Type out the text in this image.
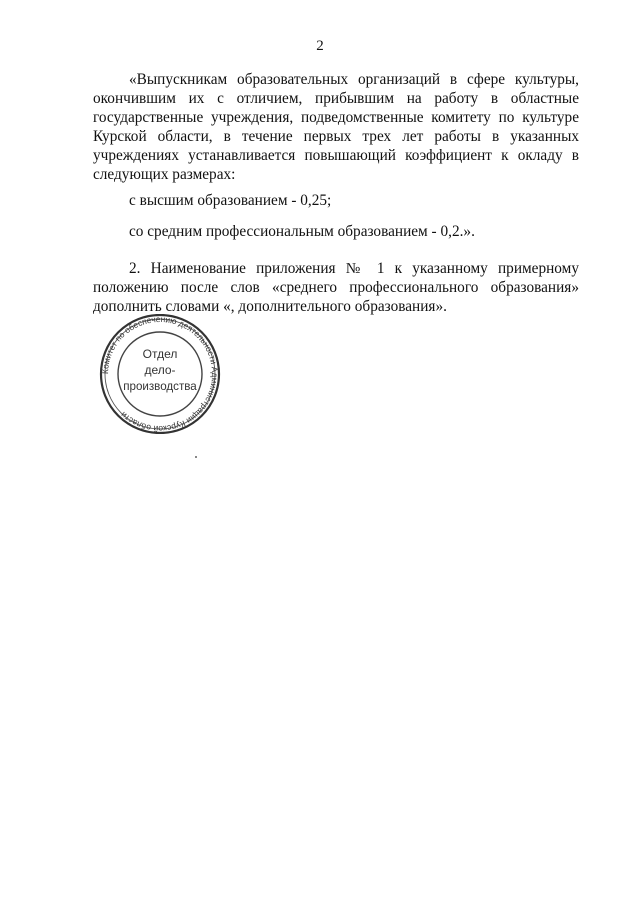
2

«Выпускникам образовательных организаций в сфере культуры, окончившим их с отличием, прибывшим на работу в областные государственные учреждения, подведомственные комитету по культуре Курской области, в течение первых трех лет работы в указанных учреждениях устанавливается повышающий коэффициент к окладу в следующих размерах:

с высшим образованием - 0,25;

со средним профессиональным образованием - 0,2.».

2. Наименование приложения № 1 к указанному примерному положению после слов «среднего профессионального образования» дополнить словами «, дополнительного образования».

Комитет по обеспечению деятельности Администрации Курской области
Отдел
дело-
производства
